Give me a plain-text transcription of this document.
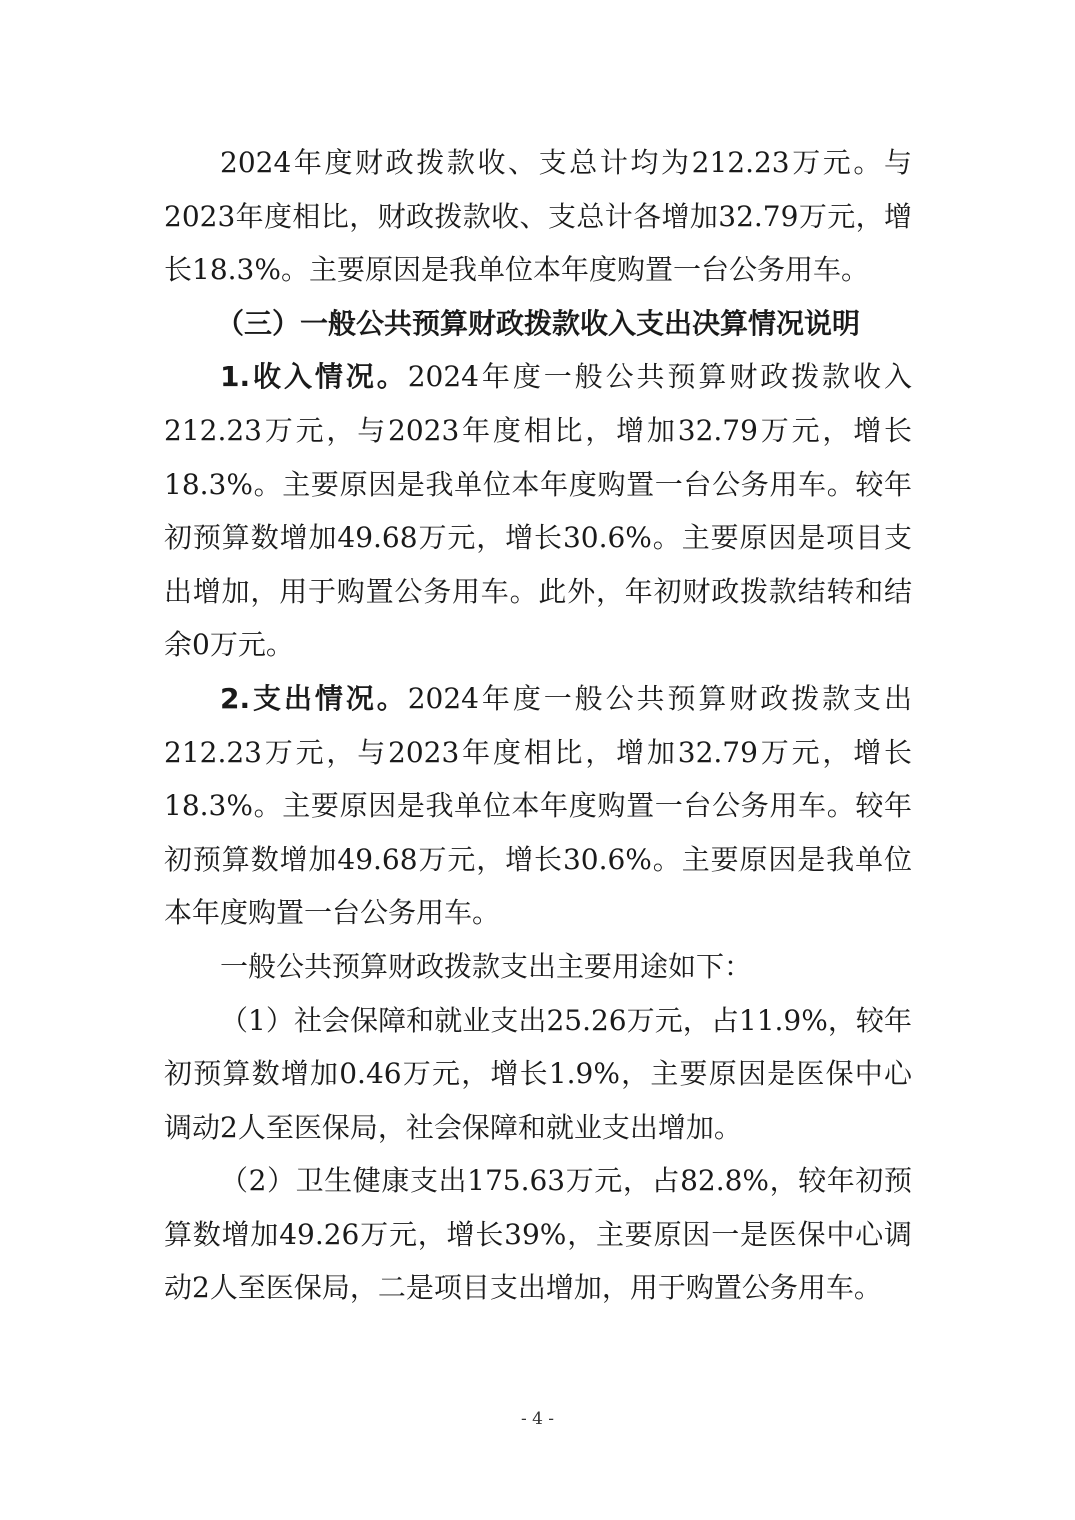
2024年度财政拨款收、支总计均为212.23万元。与2023年度相比，财政拨款收、支总计各增加32.79万元，增长18.3%。主要原因是我单位本年度购置一台公务用车。

（三）一般公共预算财政拨款收入支出决算情况说明

1.收入情况。2024年度一般公共预算财政拨款收入212.23万元，与2023年度相比，增加32.79万元，增长18.3%。主要原因是我单位本年度购置一台公务用车。较年初预算数增加49.68万元，增长30.6%。主要原因是项目支出增加，用于购置公务用车。此外，年初财政拨款结转和结余0万元。

2.支出情况。2024年度一般公共预算财政拨款支出212.23万元，与2023年度相比，增加32.79万元，增长18.3%。主要原因是我单位本年度购置一台公务用车。较年初预算数增加49.68万元，增长30.6%。主要原因是我单位本年度购置一台公务用车。

一般公共预算财政拨款支出主要用途如下：

（1）社会保障和就业支出25.26万元，占11.9%，较年初预算数增加0.46万元，增长1.9%，主要原因是医保中心调动2人至医保局，社会保障和就业支出增加。

（2）卫生健康支出175.63万元，占82.8%，较年初预算数增加49.26万元，增长39%，主要原因一是医保中心调动2人至医保局，二是项目支出增加，用于购置公务用车。

- 4 -
